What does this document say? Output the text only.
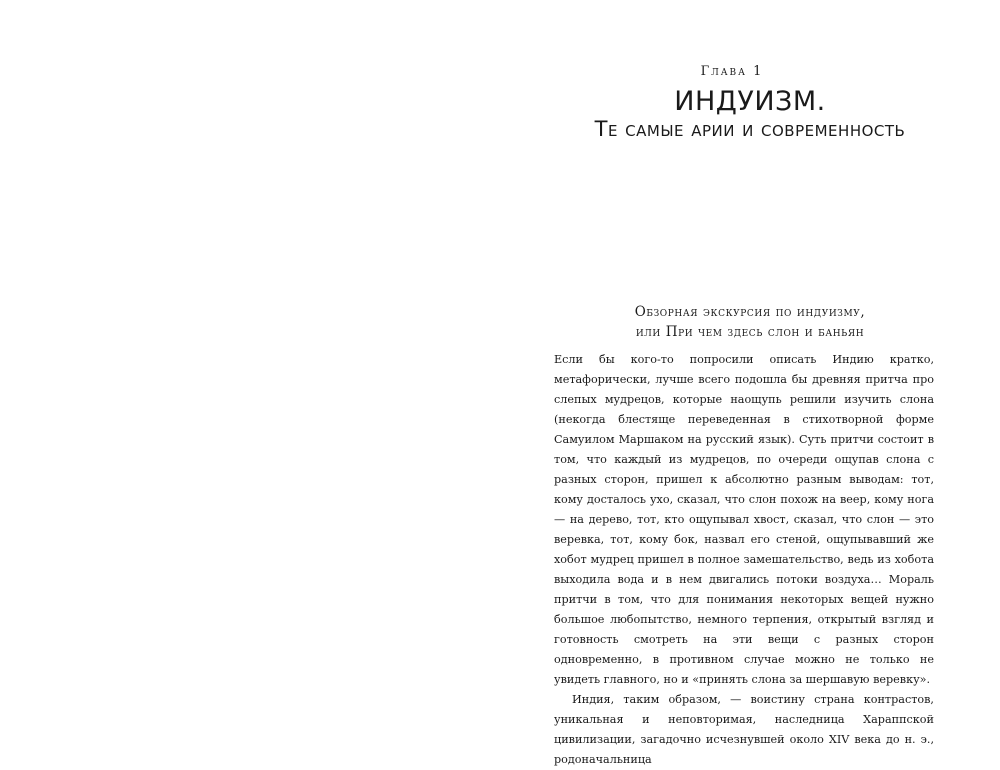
Глава 1
ИНДУИЗМ.
Те самые арии и современность
Обзорная экскурсия по индуизму,
или При чем здесь слон и баньян

Если бы кого-то попросили описать Индию кратко, метафорически, лучше всего подошла бы древняя притча про слепых мудрецов, которые наощупь решили изучить слона (некогда блестяще переведенная в стихотворной форме Самуилом Маршаком на русский язык). Суть притчи состоит в том, что каждый из мудрецов, по очереди ощупав слона с разных сторон, пришел к абсолютно разным выводам: тот, кому досталось ухо, сказал, что слон похож на веер, кому нога — на дерево, тот, кто ощупывал хвост, сказал, что слон — это веревка, тот, кому бок, назвал его стеной, ощупывавший же хобот мудрец пришел в полное замешательство, ведь из хобота выходила вода и в нем двигались потоки воздуха… Мораль притчи в том, что для понимания некоторых вещей нужно большое любопытство, немного терпения, открытый взгляд и готовность смотреть на эти вещи с разных сторон одновременно, в противном случае можно не только не увидеть главного, но и «принять слона за шершавую веревку».

Индия, таким образом, — воистину страна контрастов, уникальная и неповторимая, наследница Хараппской цивилизации, загадочно исчезнувшей около XIV века до н. э., родоначальница
